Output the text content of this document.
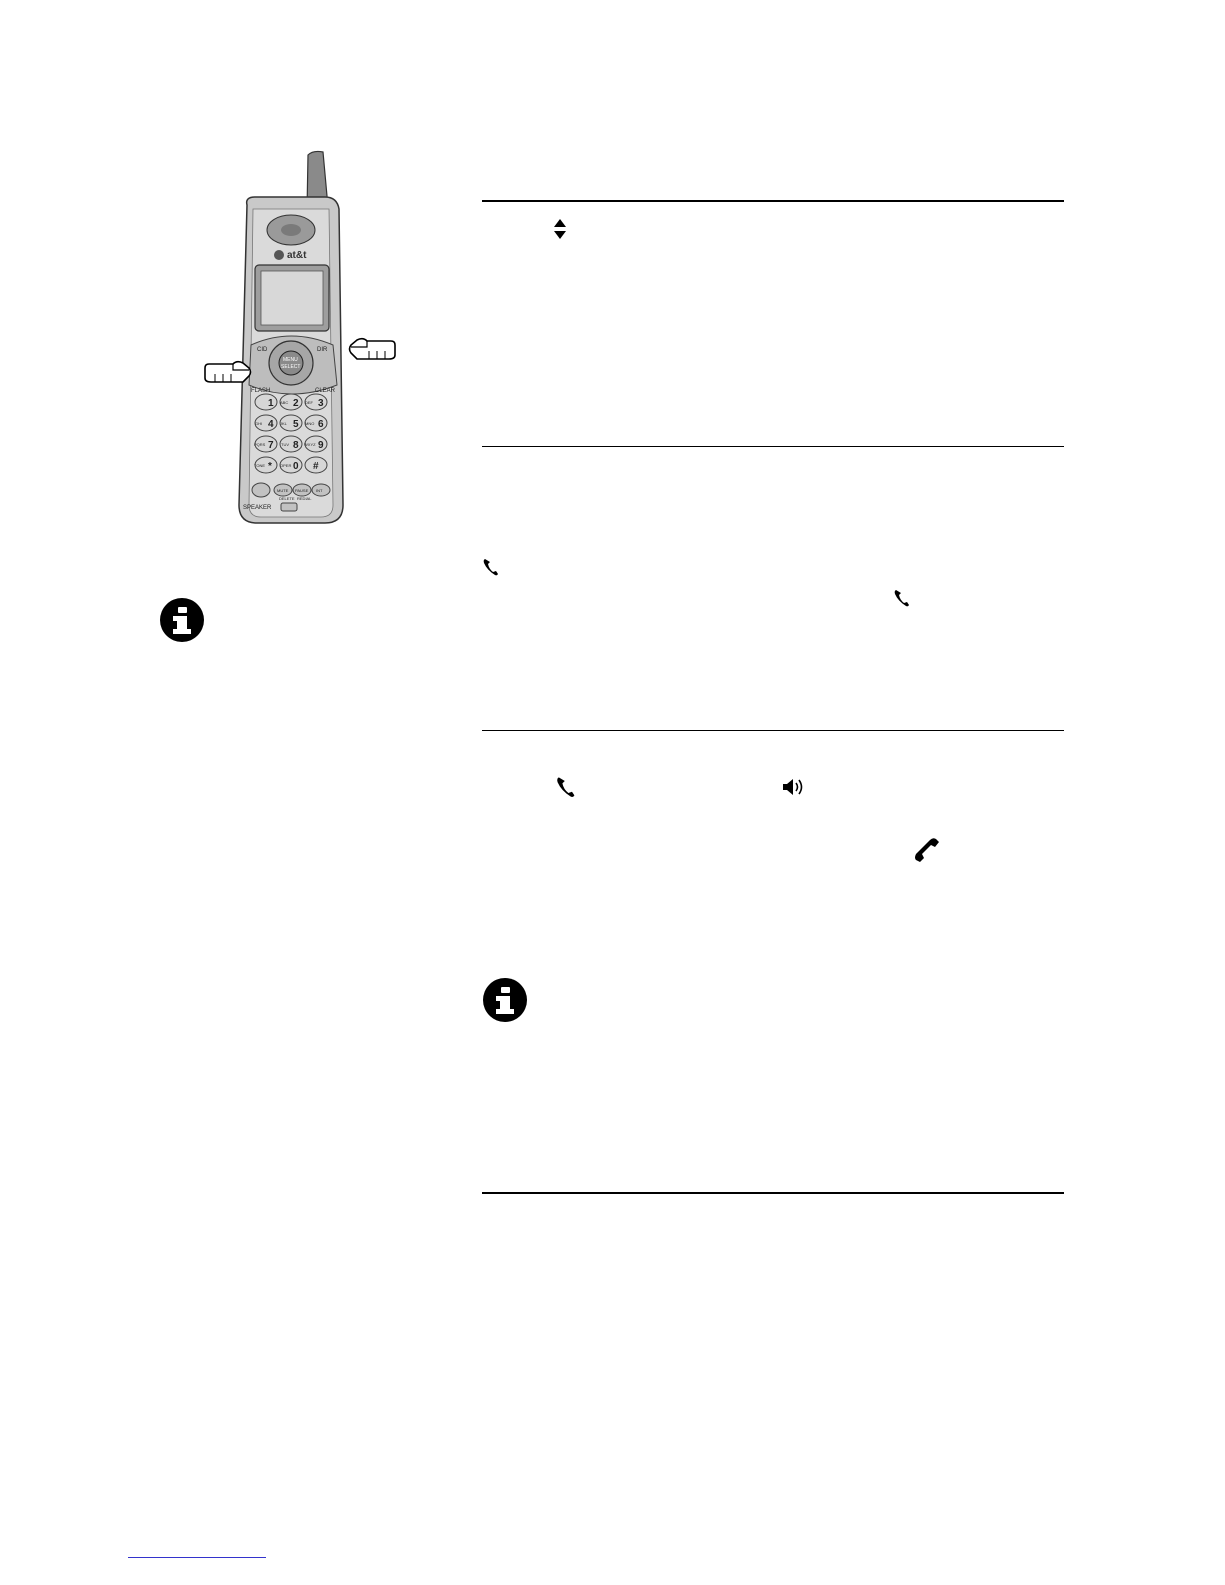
at&t
MENU
SELECT
CID	DIR
FLASH	CLEAR
1 2 3
4 5 6
7 8 9
* 0 #
ABC	DEF
GHI	JKL	MNO
PQRS	TUV	WXYZ
TONE	OPER
SPEAKER
DELETE REDIAL
MUTE PAUSE INT
